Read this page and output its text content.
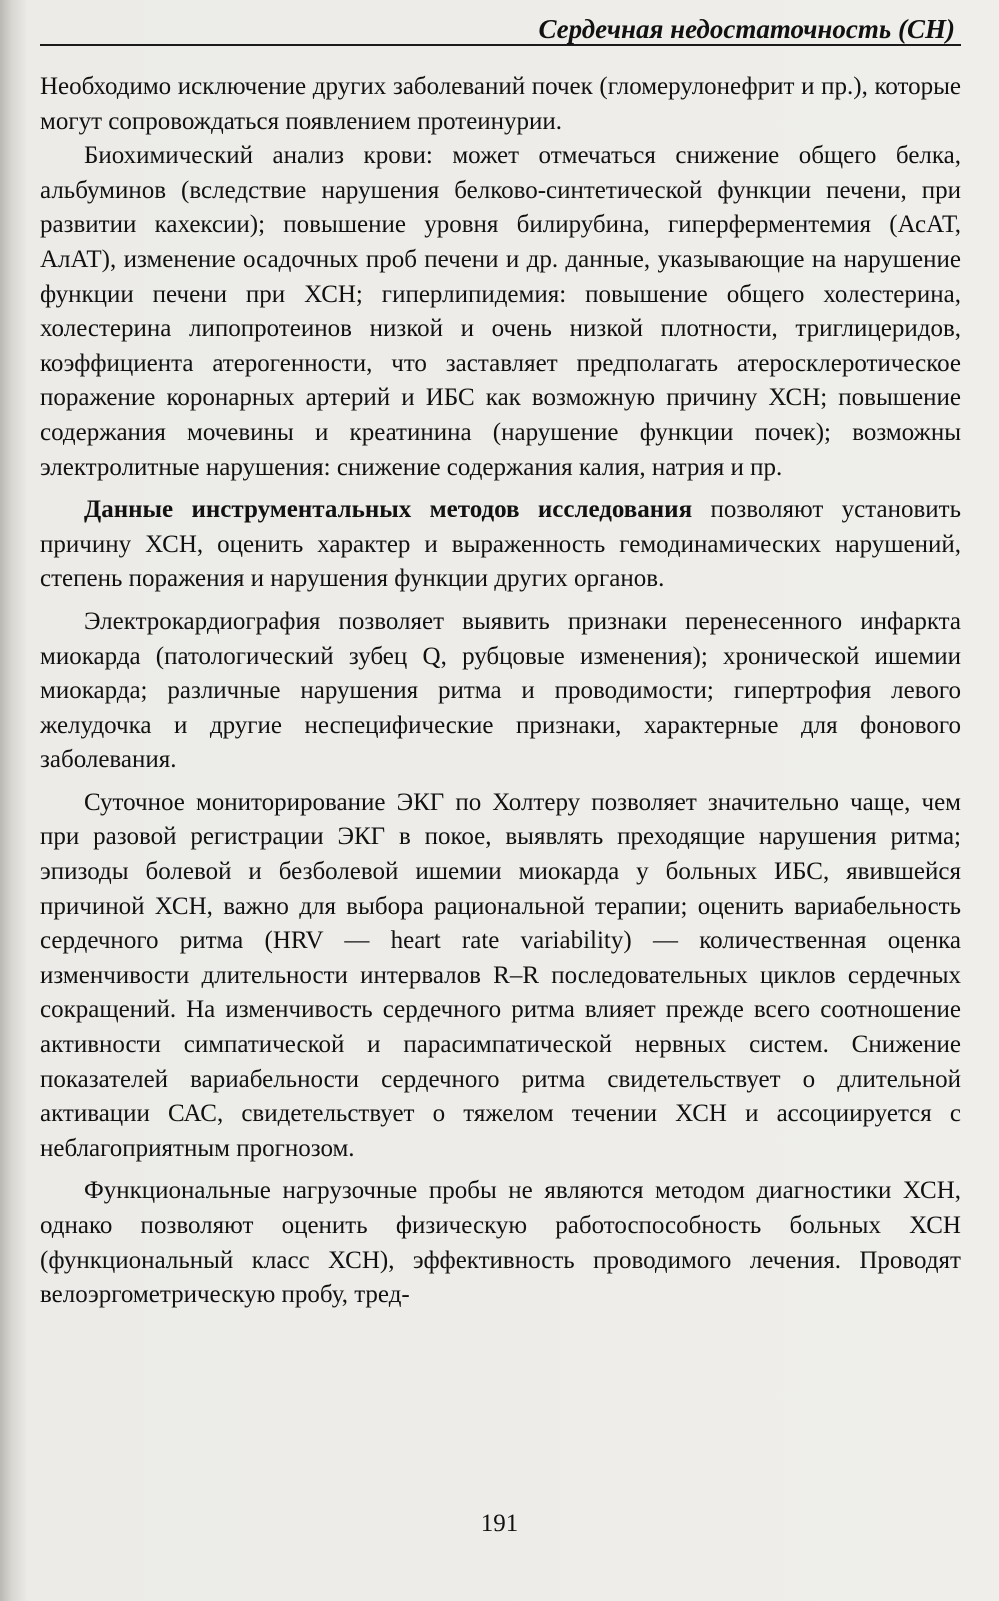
Сердечная недостаточность (СН)

Необходимо исключение других заболеваний почек (гломерулонефрит и пр.), которые могут сопровождаться появлением протеинурии.

Биохимический анализ крови: может отмечаться снижение общего белка, альбуминов (вследствие нарушения белково-синтетической функции печени, при развитии кахексии); повышение уровня билирубина, гиперферментемия (АсАТ, АлАТ), изменение осадочных проб печени и др. данные, указывающие на нарушение функции печени при ХСН; гиперлипидемия: повышение общего холестерина, холестерина липопротеинов низкой и очень низкой плотности, триглицеридов, коэффициента атерогенности, что заставляет предполагать атеросклеротическое поражение коронарных артерий и ИБС как возможную причину ХСН; повышение содержания мочевины и креатинина (нарушение функции почек); возможны электролитные нарушения: снижение содержания калия, натрия и пр.

Данные инструментальных методов исследования позволяют установить причину ХСН, оценить характер и выраженность гемодинамических нарушений, степень поражения и нарушения функции других органов.

Электрокардиография позволяет выявить признаки перенесенного инфаркта миокарда (патологический зубец Q, рубцовые изменения); хронической ишемии миокарда; различные нарушения ритма и проводимости; гипертрофия левого желудочка и другие неспецифические признаки, характерные для фонового заболевания.

Суточное мониторирование ЭКГ по Холтеру позволяет значительно чаще, чем при разовой регистрации ЭКГ в покое, выявлять преходящие нарушения ритма; эпизоды болевой и безболевой ишемии миокарда у больных ИБС, явившейся причиной ХСН, важно для выбора рациональной терапии; оценить вариабельность сердечного ритма (HRV — heart rate variability) — количественная оценка изменчивости длительности интервалов R–R последовательных циклов сердечных сокращений. На изменчивость сердечного ритма влияет прежде всего соотношение активности симпатической и парасимпатической нервных систем. Снижение показателей вариабельности сердечного ритма свидетельствует о длительной активации САС, свидетельствует о тяжелом течении ХСН и ассоциируется с неблагоприятным прогнозом.

Функциональные нагрузочные пробы не являются методом диагностики ХСН, однако позволяют оценить физическую работоспособность больных ХСН (функциональный класс ХСН), эффективность проводимого лечения. Проводят велоэргометрическую пробу, тред-

191
